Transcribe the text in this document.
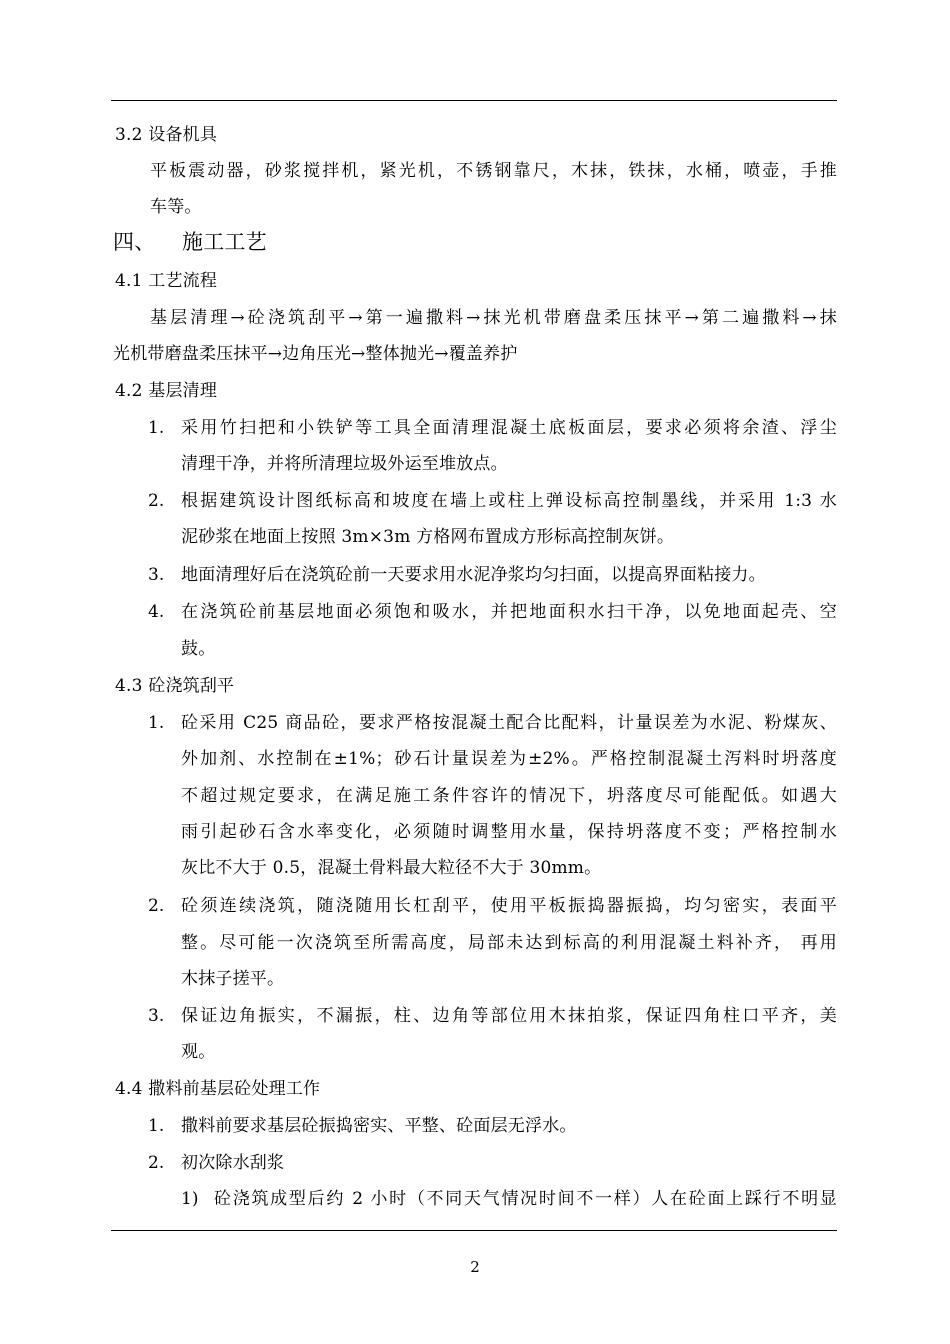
3.2 设备机具
平板震动器，砂浆搅拌机，紧光机，不锈钢靠尺，木抹，铁抹，水桶，喷壶，手推
车等。
四、 施工工艺
4.1 工艺流程
基层清理→砼浇筑刮平→第一遍撒料→抹光机带磨盘柔压抹平→第二遍撒料→抹
光机带磨盘柔压抹平→边角压光→整体抛光→覆盖养护
4.2 基层清理
1. 采用竹扫把和小铁铲等工具全面清理混凝土底板面层，要求必须将余渣、浮尘
清理干净，并将所清理垃圾外运至堆放点。
2. 根据建筑设计图纸标高和坡度在墙上或柱上弹设标高控制墨线，并采用 1:3 水
泥砂浆在地面上按照 3m×3m 方格网布置成方形标高控制灰饼。
3. 地面清理好后在浇筑砼前一天要求用水泥净浆均匀扫面，以提高界面粘接力。
4. 在浇筑砼前基层地面必须饱和吸水，并把地面积水扫干净，以免地面起壳、空
鼓。
4.3 砼浇筑刮平
1. 砼采用 C25 商品砼，要求严格按混凝土配合比配料，计量误差为水泥、粉煤灰、
外加剂、水控制在±1%；砂石计量误差为±2%。严格控制混凝土泻料时坍落度
不超过规定要求，在满足施工条件容许的情况下，坍落度尽可能配低。如遇大
雨引起砂石含水率变化，必须随时调整用水量，保持坍落度不变；严格控制水
灰比不大于 0.5，混凝土骨料最大粒径不大于 30mm。
2. 砼须连续浇筑，随浇随用长杠刮平，使用平板振捣器振捣，均匀密实，表面平
整。尽可能一次浇筑至所需高度，局部未达到标高的利用混凝土料补齐， 再用
木抹子搓平。
3. 保证边角振实，不漏振，柱、边角等部位用木抹拍浆，保证四角柱口平齐，美
观。
4.4 撒料前基层砼处理工作
1. 撒料前要求基层砼振捣密实、平整、砼面层无浮水。
2. 初次除水刮浆
1) 砼浇筑成型后约 2 小时（不同天气情况时间不一样）人在砼面上踩行不明显
2
